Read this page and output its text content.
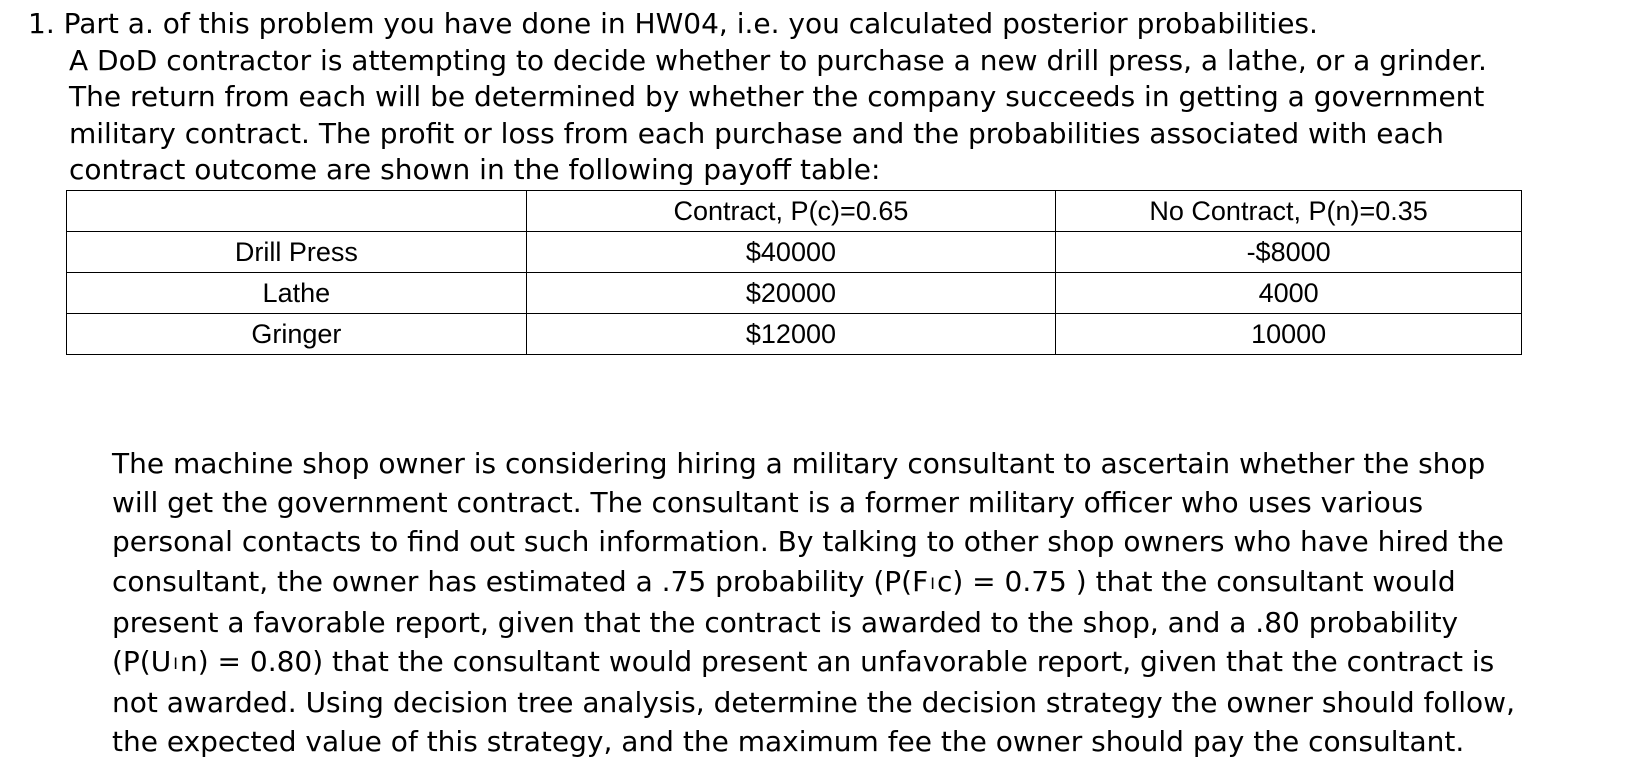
1. Part a. of this problem you have done in HW04, i.e. you calculated posterior probabilities.
A DoD contractor is attempting to decide whether to purchase a new drill press, a lathe, or a grinder.
The return from each will be determined by whether the company succeeds in getting a government
military contract. The profit or loss from each purchase and the probabilities associated with each
contract outcome are shown in the following payoff table:
	Contract, P(c)=0.65	No Contract, P(n)=0.35
Drill Press	$40000	-$8000
Lathe	$20000	4000
Gringer	$12000	10000
The machine shop owner is considering hiring a military consultant to ascertain whether the shop
will get the government contract. The consultant is a former military officer who uses various
personal contacts to find out such information. By talking to other shop owners who have hired the
consultant, the owner has estimated a .75 probability (P(F Ic) = 0.75 ) that the consultant would
present a favorable report, given that the contract is awarded to the shop, and a .80 probability
(P(U In) = 0.80) that the consultant would present an unfavorable report, given that the contract is
not awarded. Using decision tree analysis, determine the decision strategy the owner should follow,
the expected value of this strategy, and the maximum fee the owner should pay the consultant.
